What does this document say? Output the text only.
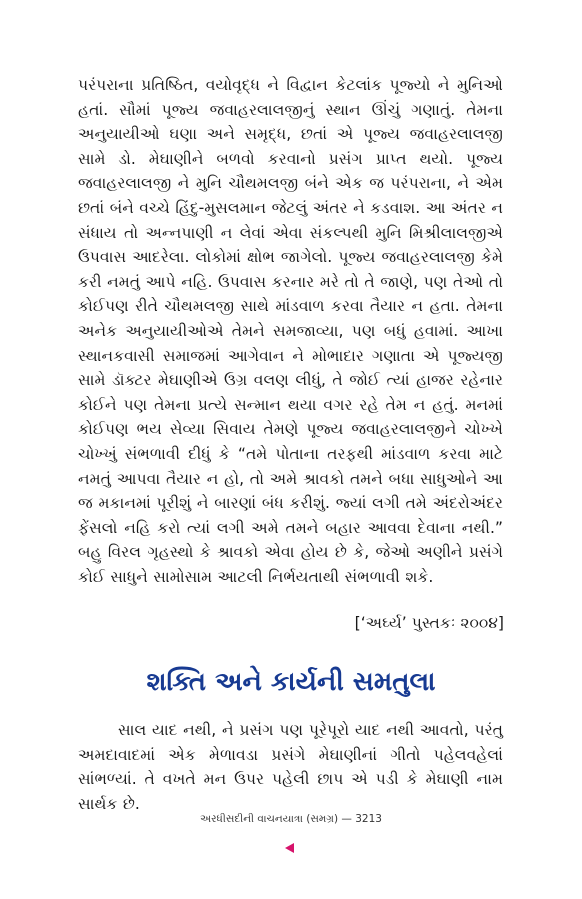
પરંપરાના પ્રતિષ્ઠિત, વયોવૃદ્ધ ને વિદ્વાન કેટલાંક પૂજ્યો ને મુનિઓ હતાં. સૌમાં પૂજ્ય જવાહરલાલજીનું સ્થાન ઊંચું ગણાતું. તેમના અનુયાયીઓ ઘણા અને સમૃદ્ધ, છતાં એ પૂજ્ય જવાહરલાલજી સામે ડો. મેઘાણીને બળવો કરવાનો પ્રસંગ પ્રાપ્ત થયો. પૂજ્ય જવાહરલાલજી ને મુનિ ચૌથમલજી બંને એક જ પરંપરાના, ને એમ છતાં બંને વચ્ચે હિંદુ-મુસલમાન જેટલું અંતર ને કડવાશ. આ અંતર ન સંધાય તો અન્નપાણી ન લેવાં એવા સંકલ્પથી મુનિ મિશ્રીલાલજીએ ઉપવાસ આદરેલા. લોકોમાં ક્ષોભ જાગેલો. પૂજ્ય જવાહરલાલજી કેમે કરી નમતું આપે નહિ. ઉપવાસ કરનાર મરે તો તે જાણે, પણ તેઓ તો કોઈપણ રીતે ચૌથમલજી સાથે માંડવાળ કરવા તૈયાર ન હતા. તેમના અનેક અનુયાયીઓએ તેમને સમજાવ્યા, પણ બધું હવામાં. આખા સ્થાનકવાસી સમાજમાં આગેવાન ને મોભાદાર ગણાતા એ પૂજ્યજી સામે ડૉક્ટર મેઘાણીએ ઉગ્ર વલણ લીધું, તે જોઈ ત્યાં હાજર રહેનાર કોઈને પણ તેમના પ્રત્યે સન્માન થયા વગર રહે તેમ ન હતું. મનમાં કોઈપણ ભય સેવ્યા સિવાય તેમણે પૂજ્ય જવાહરલાલજીને ચોખ્ખે ચોખ્ખું સંભળાવી દીધું કે “તમે પોતાના તરફથી માંડવાળ કરવા માટે નમતું આપવા તૈયાર ન હો, તો અમે શ્રાવકો તમને બધા સાધુઓને આ જ મકાનમાં પૂરીશું ને બારણાં બંધ કરીશું. જ્યાં લગી તમે અંદરોઅંદર ફેંસલો નહિ કરો ત્યાં લગી અમે તમને બહાર આવવા દેવાના નથી.” બહુ વિરલ ગૃહસ્થો કે શ્રાવકો એવા હોય છે કે, જેઓ અણીને પ્રસંગે કોઈ સાધુને સામોસામ આટલી નિર્ભયતાથી સંભળાવી શકે.

[‘અર્ઘ્ય’ પુસ્તકઃ ૨૦૦૪]
શક્તિ અને કાર્યની સમતુલા

સાલ યાદ નથી, ને પ્રસંગ પણ પૂરેપૂરો યાદ નથી આવતો, પરંતુ અમદાવાદમાં એક મેળાવડા પ્રસંગે મેઘાણીનાં ગીતો પહેલવહેલાં સાંભળ્યાં. તે વખતે મન ઉપર પહેલી છાપ એ પડી કે મેઘાણી નામ સાર્થક છે.

અરધીસદીની વાચનયાત્રા (સમગ્ર) — 3213
